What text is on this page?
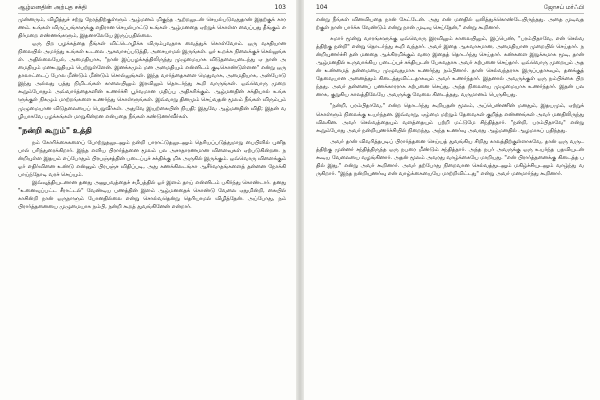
ஆழ்மனதின் அற்புத சக்தி	103

முன்னரும், விழித்துச் சற்று நேரத்திற்குள்ளும் ஆழ்மனம் மிகுந்த ஆற்றலுடன் செயல்படுவதுதான் இதற்குக் காரணம். உங்கள் விருப்பங்களுக்கு எதிரான செயல்பாட்டு உங்கள் ஆழ்மனதை ஏற்றுக் கொள்ள வைப்பது தீங்கும் எதிர்மறை எண்ணங்களும், இதனாலேயே இருப்பதில்லை.

ஒரு பிற பழக்கத்தை நீங்கள் விட்டொழிக்க விரும்புவதாக வைத்துக் கொள்வோம். ஒரு வசதியான நிலையில் அமர்ந்து உங்கள் உடலை ஆசுவாசப்படுத்தி, அசையாமல் இருங்கள். ஓர் உறக்க நிலைக்குச் செல்லுங்கள். அதில்லையேல், அமைதியாக, "நான் இப்பழக்கத்திலிருந்து முழுமையாக விடுதலையடைந்து ஏ நான் அமைதியும் மனஉறுதியும் பெற்றுள்ளேன். இனக்கமும் மன அமைதியும் என்னிடம் குடிகொண்டுள்ளன" என்று ஒரு தாலாட்டைப் போல மீண்டும் மீண்டும் சொல்லுங்கள். இந்த வார்த்தைகளை மெதுவாக, அமைதியாக, அன்போடு இந்து அல்லது பத்து நிமிடங்கள் காலையிலும் இரவிலும் தொடர்ந்து கூறி வாருங்கள். ஒவ்வொரு முறை கூறும்போதும் அவ்வார்த்தைகளின் உணர்ச்சி பூர்வமான மதிப்பு அதிகரிக்கும். ஆழ்மனதின் சக்தியால் உங்களுக்குள் நிகழும் மாற்றங்களை உணர்ந்து கொள்ளுங்கள். இவ்வாறு தினமும் செய்வதன் மூலம் நீங்கள் விரும்பும் முழுமையான விடுதலையைப் பெறுவீர்கள். அதுவே இயற்கையின் நியதி; இதுவே ஆழ்மனதின் விதி; இதன் வழியாகவே பழக்கங்கள் மாறுகின்றன என்பதை நீங்கள் கண்டுணர்வீர்கள்.

"நன்றி கூறும்" உத்தி

நம் கோரிக்கைகளைப் போற்றுதலுடனும் நன்றி பாராட்டுதலுடனும் தெரியப்படுத்துமாறு பைபிளில் புனித பால் பரிந்துரைக்கிறார். இந்த எளிய பிரார்த்தனை மூலம் பல அசாதாரணமான விளைவுகள் ஏற்படுகின்றன. நன்றியுள்ள இதயம் எப்போதும் பிரபஞ்சத்தின் படைப்புச் சக்திக்கு மிக அருகில் இருக்கும். ஒவ்வொரு விளைக்கும் ஓர் எதிர்வினை உண்டு என்னும் பிரபஞ்ச விதிப்படி, அது கணக்கிலடங்கா ஆசீர்வாதங்களைத் தன்னை நோக்கி பாய்ந்தோடி வரச் செய்யும்.

இவ்வுத்தியுடனான தனது அனுபவத்தைச் சமீபத்தில் ஓர் இளம் தாய் என்னிடம் பகிர்ந்து கொண்டார். தனது "உனைவுப்பட்ட சீராட்டல்" வேண்டிய பணத்தின் இளம் ஆழ்மனதைக் கொண்டு வேலை ஏதுமின்றி, கையில் காசின்றி நான் ஒருநாளும் போனதில்லை என்று சொல்வதென்று தெரியாமல் விழித்தேன். அப்போது, நம் பிரார்த்தனையை முழுமையாக நம்பி, நன்றி கூறத் துவங்கினேன் என்றார்.

104	ஜோசப் மர்ஃபி

என்று நீங்கள் வினவியதை நான் கேட்டேன். அது என் மனதில் ஒலித்துக்கொண்டேயிருந்தது. அதை முடிவதற்குள் நான் பார்க்க வேண்டும் என்று நான் முடிவு செய்தேன்," என்று கூறினார்.

சுமார் மூன்று வாரங்களுக்கு ஒவ்வொரு இரவிலும் காலையிலும், இப்பெண், "பரம்பிதாவே, என் செல்வத்திற்கு நன்றி" என்று தொடர்ந்து கூறி வந்தார். அவர் இதை ஆசுவாசமான, அமைதியான முறையில் செய்தார். நன்றியுணர்ச்சி தன் மனதை ஆக்கிரமிக்கும் வரை இதைத் தொடர்ந்து செய்தார். கண்களை இறுக்கமாக மூடி, தான் ஆழ்மனதில் உருவாக்கிய படைப்புச் சக்தியுடன் பேசுவதாக அவர் கற்பனை செய்தார். ஒவ்வொரு முறையும் அதன் உண்மைத் தன்மையை முழுவதுமாக உணர்ந்து நம்பினார். தான் செல்வந்தராக இருப்பதாகவும், தனக்குத் தேவையான அனைத்தும் கிடைத்துவிட்டதாகவும் அவர் உணர்ந்தார். இதனால் அவருக்குள் ஒரு நம்பிக்கை பிறந்தது. அவர் தன்னைப் பணக்காரராக கற்பனை செய்து, அந்த நிலையை முழுமையாக உணர்ந்தார். இதன் பலனாக, குறுகிய காலத்திலேயே அவருக்கு வேலை கிடைத்தது, வருமானம் பெருகியது.

"நன்றி, பரம்பிதாவே," என்ற தொடர்ந்து கூறியதன் மூலம், அப்பெண்ணின் மனதும், இதயமும், ஏற்றுக் கொள்ளும் நிலைக்கு உயர்ந்தன. இவ்வாறு, ஏழ்மை மற்றும் தேவைகள் குறித்த எண்ணங்கள் அவர் மனதிலிருந்து விலகின. அவர் செல்வத்தையும் வளத்தையும் பற்றி மட்டுமே சிந்தித்தார். "நன்றி, பரம்பிதாவே" என்று கூறும்போது அவர் நன்றியுணர்ச்சியில் நிறைந்து, அந்த உணர்வு அவரது ஆழ்மனதில் ஆழமாகப் பதிந்தது.

அவர் தான் விவரித்தபடிப் பிரார்த்தனை செய்யத் துவங்கிய சிறிது காலத்திற்குள்ளாகவே, தான் ஒரு வருடத்திற்கு முன்னர் சந்தித்திருந்த ஒரு நபரை மீண்டும் சந்தித்தார். அந்த நபர் அவருக்கு ஒரு உயர்ந்த பதவியுடன் கூடிய வேலையை வழங்கினார். அதன் மூலம் அவரது வாழ்க்கையே மாறியது. "என் பிரார்த்தனைக்கு கிடைத்த பதில் இது," என்று அவர் கூறினார். அவர் தற்போது நிறைவான செல்வத்துடனும் மகிழ்ச்சியுடனும் வாழ்ந்து வருகிறார். "இந்த நன்றியுணர்வு என் வாழ்க்கையையே மாற்றிவிட்டது" என்று அவர் மனமார்ந்து கூறினார்.
